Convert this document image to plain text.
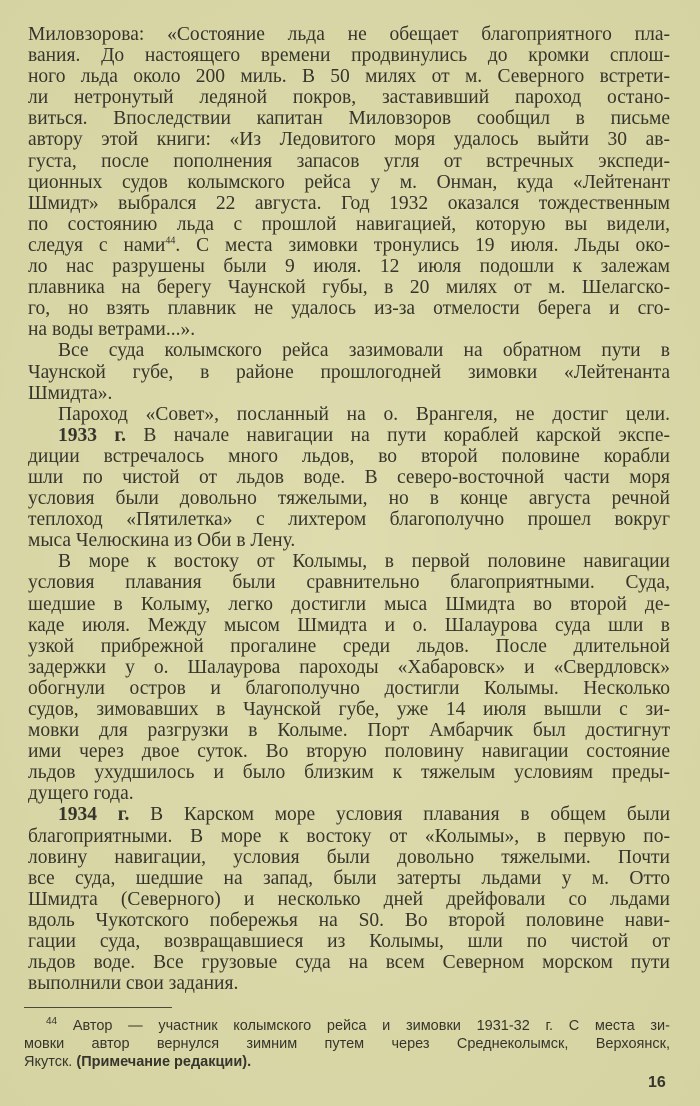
Миловзорова: «Состояние льда не обещает благоприятного пла-
вания. До настоящего времени продвинулись до кромки сплош-
ного льда около 200 миль. В 50 милях от м. Северного встрети-
ли нетронутый ледяной покров, заставивший пароход остано-
виться. Впоследствии капитан Миловзоров сообщил в письме
автору этой книги: «Из Ледовитого моря удалось выйти 30 ав-
густа, после пополнения запасов угля от встречных экспеди-
ционных судов колымского рейса у м. Онман, куда «Лейтенант
Шмидт» выбрался 22 августа. Год 1932 оказался тождественным
по состоянию льда с прошлой навигацией, которую вы видели,
следуя с нами$^{44}$. С места зимовки тронулись 19 июля. Льды око-
ло нас разрушены были 9 июля. 12 июля подошли к залежам
плавника на берегу Чаунской губы, в 20 милях от м. Шелагско-
го, но взять плавник не удалось из-за отмелости берега и сго-
на воды ветрами...».
Все суда колымского рейса зазимовали на обратном пути в
Чаунской губе, в районе прошлогодней зимовки «Лейтенанта
Шмидта».
Пароход «Совет», посланный на о. Врангеля, не достиг цели.
1933 г. В начале навигации на пути кораблей карской экспе-
диции встречалось много льдов, во второй половине корабли
шли по чистой от льдов воде. В северо-восточной части моря
условия были довольно тяжелыми, но в конце августа речной
теплоход «Пятилетка» с лихтером благополучно прошел вокруг
мыса Челюскина из Оби в Лену.
В море к востоку от Колымы, в первой половине навигации
условия плавания были сравнительно благоприятными. Суда,
шедшие в Колыму, легко достигли мыса Шмидта во второй де-
каде июля. Между мысом Шмидта и о. Шалаурова суда шли в
узкой прибрежной прогалине среди льдов. После длительной
задержки у о. Шалаурова пароходы «Хабаровск» и «Свердловск»
обогнули остров и благополучно достигли Колымы. Несколько
судов, зимовавших в Чаунской губе, уже 14 июля вышли с зи-
мовки для разгрузки в Колыме. Порт Амбарчик был достигнут
ими через двое суток. Во вторую половину навигации состояние
льдов ухудшилось и было близким к тяжелым условиям преды-
дущего года.
1934 г. В Карском море условия плавания в общем были
благоприятными. В море к востоку от «Колымы», в первую по-
ловину навигации, условия были довольно тяжелыми. Почти
все суда, шедшие на запад, были затерты льдами у м. Отто
Шмидта (Северного) и несколько дней дрейфовали со льдами
вдоль Чукотского побережья на S0. Во второй половине нави-
гации суда, возвращавшиеся из Колымы, шли по чистой от
льдов воде. Все грузовые суда на всем Северном морском пути
выполнили свои задания.
$^{44}$ Автор — участник колымского рейса и зимовки 1931-32 г. С места зи-
мовки автор вернулся зимним путем через Среднеколымск, Верхоянск,
Якутск. (Примечание редакции).
16
